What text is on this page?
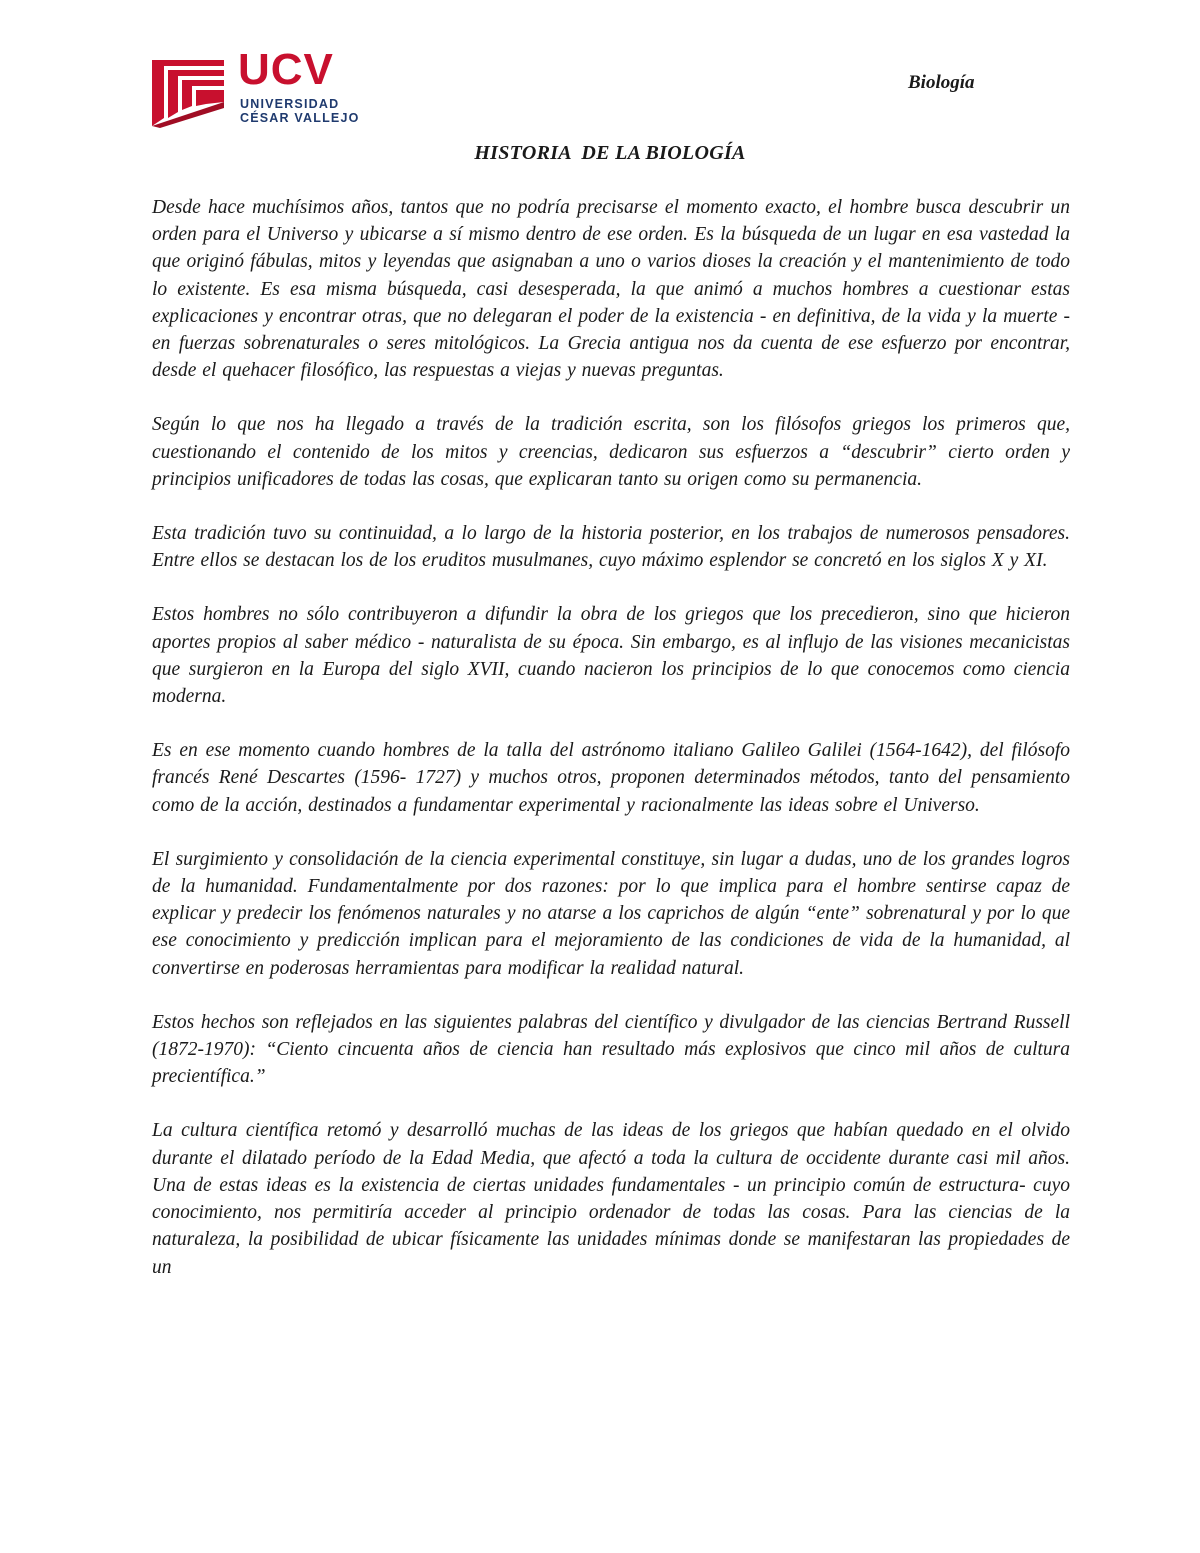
UCV
UNIVERSIDAD
CÉSAR VALLEJO
Biología
HISTORIA  DE LA BIOLOGÍA

Desde hace muchísimos años, tantos que no podría precisarse el momento exacto, el hombre busca descubrir un orden para el Universo y ubicarse a sí mismo dentro de ese orden. Es la búsqueda de un lugar en esa vastedad la que originó fábulas, mitos y leyendas que asignaban a uno o varios dioses la creación y el mantenimiento de todo lo existente. Es esa misma búsqueda, casi desesperada, la que animó a muchos hombres a cuestionar estas explicaciones y encontrar otras, que no delegaran el poder de la existencia - en definitiva, de la vida y la muerte - en fuerzas sobrenaturales o seres mitológicos. La Grecia antigua nos da cuenta de ese esfuerzo por encontrar, desde el quehacer filosófico, las respuestas a viejas y nuevas preguntas.

Según lo que nos ha llegado a través de la tradición escrita, son los filósofos griegos los primeros que, cuestionando el contenido de los mitos y creencias, dedicaron sus esfuerzos a “descubrir” cierto orden y principios unificadores de todas las cosas, que explicaran tanto su origen como su permanencia.

Esta tradición tuvo su continuidad, a lo largo de la historia posterior, en los trabajos de numerosos pensadores. Entre ellos se destacan los de los eruditos musulmanes, cuyo máximo esplendor se concretó en los siglos X y XI.

Estos hombres no sólo contribuyeron a difundir la obra de los griegos que los precedieron, sino que hicieron aportes propios al saber médico - naturalista de su época. Sin embargo, es al influjo de las visiones mecanicistas que surgieron en la Europa del siglo XVII, cuando nacieron los principios de lo que conocemos como ciencia moderna.

Es en ese momento cuando hombres de la talla del astrónomo italiano Galileo Galilei (1564-1642), del filósofo francés René Descartes (1596- 1727) y muchos otros, proponen determinados métodos, tanto del pensamiento como de la acción, destinados a fundamentar experimental y racionalmente las ideas sobre el Universo.

El surgimiento y consolidación de la ciencia experimental constituye, sin lugar a dudas, uno de los grandes logros de la humanidad. Fundamentalmente por dos razones: por lo que implica para el hombre sentirse capaz de explicar y predecir los fenómenos naturales y no atarse a los caprichos de algún “ente” sobrenatural y por lo que ese conocimiento y predicción implican para el mejoramiento de las condiciones de vida de la humanidad, al convertirse en poderosas herramientas para modificar la realidad natural.

Estos hechos son reflejados en las siguientes palabras del científico y divulgador de las ciencias Bertrand Russell (1872-1970): “Ciento cincuenta años de ciencia han resultado más explosivos que cinco mil años de cultura precientífica.”

La cultura científica retomó y desarrolló muchas de las ideas de los griegos que habían quedado en el olvido durante el dilatado período de la Edad Media, que afectó a toda la cultura de occidente durante casi mil años. Una de estas ideas es la existencia de ciertas unidades fundamentales - un principio común de estructura- cuyo conocimiento, nos permitiría acceder al principio ordenador de todas las cosas. Para las ciencias de la naturaleza, la posibilidad de ubicar físicamente las unidades mínimas donde se manifestaran las propiedades de un
